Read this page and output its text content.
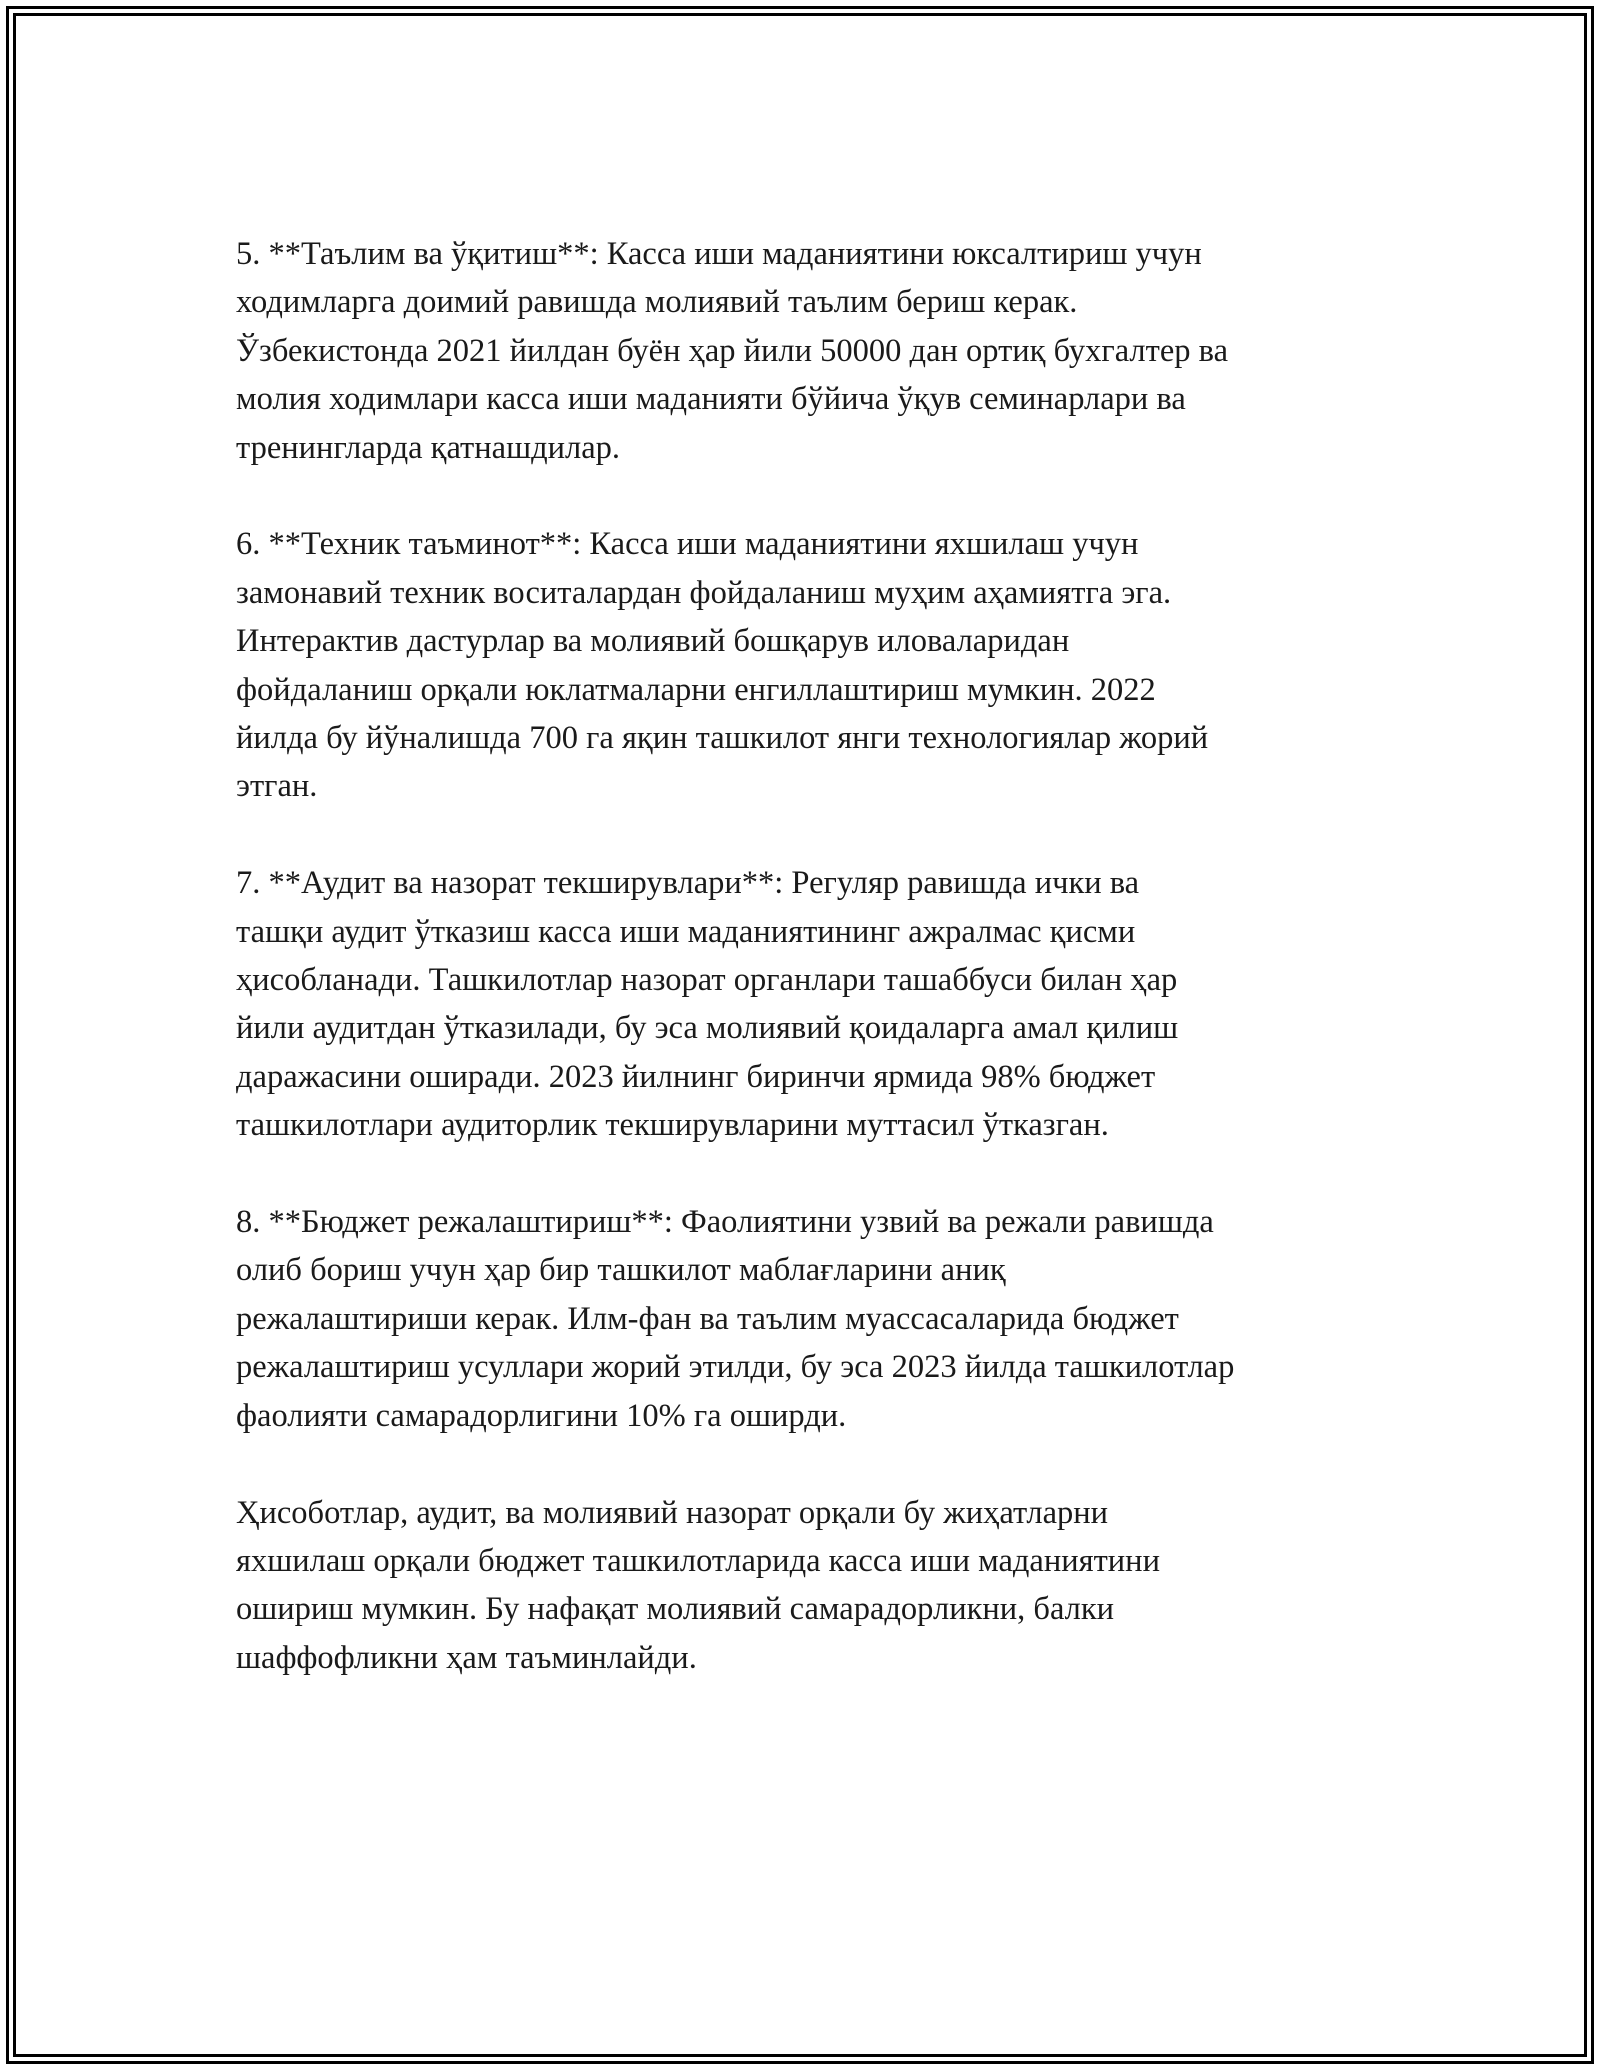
5. **Таълим ва ўқитиш**: Касса иши маданиятини юксалтириш учун
ходимларга доимий равишда молиявий таълим бериш керак.
Ўзбекистонда 2021 йилдан буён ҳар йили 50000 дан ортиқ бухгалтер ва
молия ходимлари касса иши маданияти бўйича ўқув семинарлари ва
тренингларда қатнашдилар.
6. **Техник таъминот**: Касса иши маданиятини яхшилаш учун
замонавий техник воситалардан фойдаланиш муҳим аҳамиятга эга.
Интерактив дастурлар ва молиявий бошқарув иловаларидан
фойдаланиш орқали юклатмаларни енгиллаштириш мумкин. 2022
йилда бу йўналишда 700 га яқин ташкилот янги технологиялар жорий
этган.
7. **Аудит ва назорат текширувлари**: Регуляр равишда ички ва
ташқи аудит ўтказиш касса иши маданиятининг ажралмас қисми
ҳисобланади. Ташкилотлар назорат органлари ташаббуси билан ҳар
йили аудитдан ўтказилади, бу эса молиявий қоидаларга амал қилиш
даражасини оширади. 2023 йилнинг биринчи ярмида 98% бюджет
ташкилотлари аудиторлик текширувларини муттасил ўтказган.
8. **Бюджет режалаштириш**: Фаолиятини узвий ва режали равишда
олиб бориш учун ҳар бир ташкилот маблағларини аниқ
режалаштириши керак. Илм-фан ва таълим муассасаларида бюджет
режалаштириш усуллари жорий этилди, бу эса 2023 йилда ташкилотлар
фаолияти самарадорлигини 10% га оширди.
Ҳисоботлар, аудит, ва молиявий назорат орқали бу жиҳатларни
яхшилаш орқали бюджет ташкилотларида касса иши маданиятини
ошириш мумкин. Бу нафақат молиявий самарадорликни, балки
шаффофликни ҳам таъминлайди.
